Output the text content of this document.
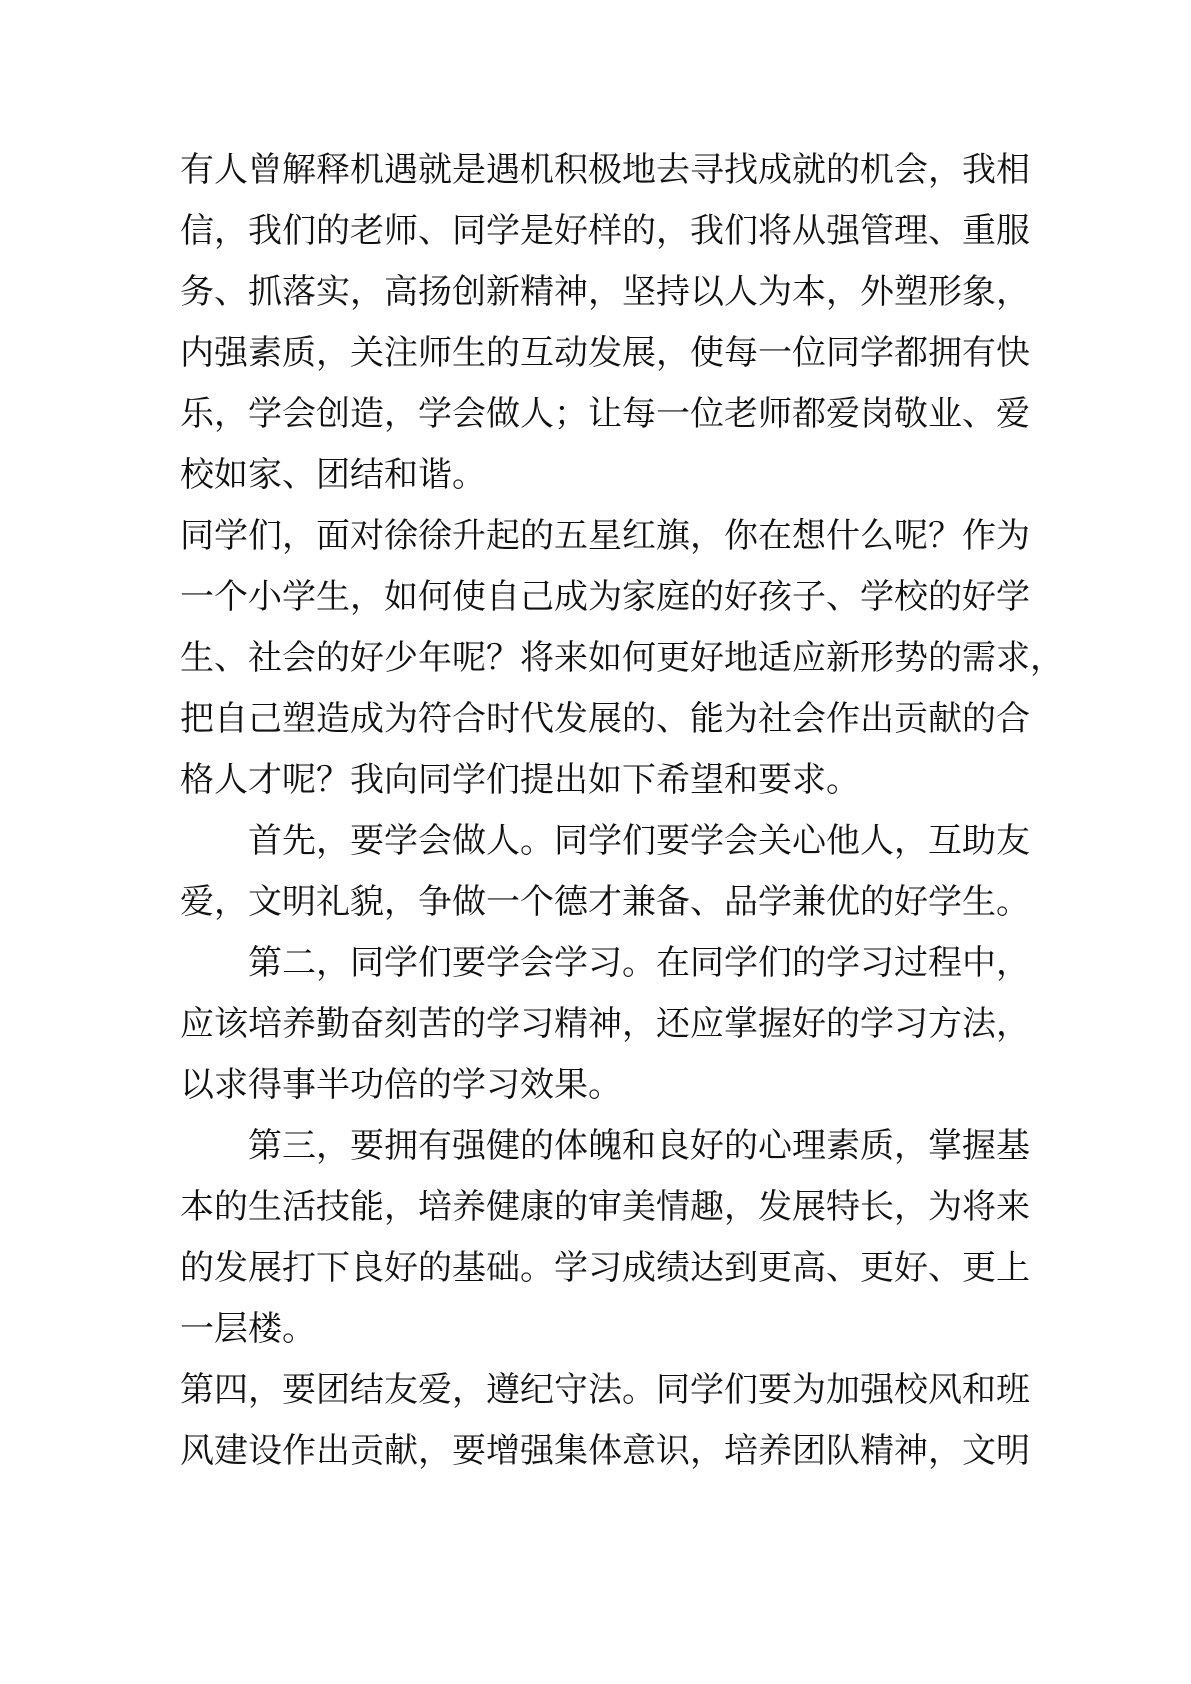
有人曾解释机遇就是遇机积极地去寻找成就的机会，我相
信，我们的老师、同学是好样的，我们将从强管理、重服
务、抓落实，高扬创新精神，坚持以人为本，外塑形象，
内强素质，关注师生的互动发展，使每一位同学都拥有快
乐，学会创造，学会做人；让每一位老师都爱岗敬业、爱
校如家、团结和谐。
同学们，面对徐徐升起的五星红旗，你在想什么呢？作为
一个小学生，如何使自己成为家庭的好孩子、学校的好学
生、社会的好少年呢？将来如何更好地适应新形势的需求，
把自己塑造成为符合时代发展的、能为社会作出贡献的合
格人才呢？我向同学们提出如下希望和要求。
首先，要学会做人。同学们要学会关心他人，互助友
爱，文明礼貌，争做一个德才兼备、品学兼优的好学生。
第二，同学们要学会学习。在同学们的学习过程中，
应该培养勤奋刻苦的学习精神，还应掌握好的学习方法，
以求得事半功倍的学习效果。
第三，要拥有强健的体魄和良好的心理素质，掌握基
本的生活技能，培养健康的审美情趣，发展特长，为将来
的发展打下良好的基础。学习成绩达到更高、更好、更上
一层楼。
第四，要团结友爱，遵纪守法。同学们要为加强校风和班
风建设作出贡献，要增强集体意识，培养团队精神，文明
